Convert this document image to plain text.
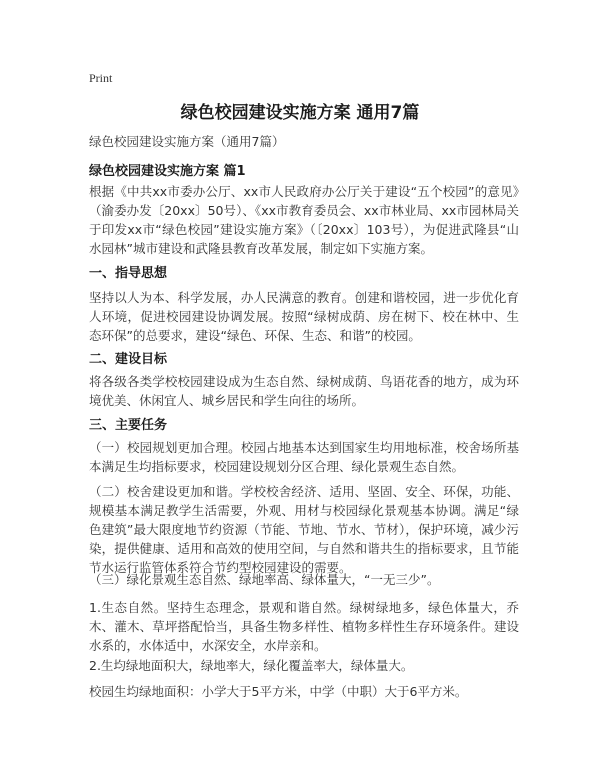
Print
绿色校园建设实施方案 通用7篇
绿色校园建设实施方案（通用7篇）
绿色校园建设实施方案 篇1
根据《中共xx市委办公厅、xx市人民政府办公厅关于建设“五个校园”的意见》（渝委办发〔20xx〕50号）、《xx市教育委员会、xx市林业局、xx市园林局关于印发xx市“绿色校园”建设实施方案》（〔20xx〕103号），为促进武隆县“山水园林”城市建设和武隆县教育改革发展，制定如下实施方案。
一、指导思想
坚持以人为本、科学发展，办人民满意的教育。创建和谐校园，进一步优化育人环境，促进校园建设协调发展。按照“绿树成荫、房在树下、校在林中、生态环保”的总要求，建设“绿色、环保、生态、和谐”的校园。
二、建设目标
将各级各类学校校园建设成为生态自然、绿树成荫、鸟语花香的地方，成为环境优美、休闲宜人、城乡居民和学生向往的场所。
三、主要任务
（一）校园规划更加合理。校园占地基本达到国家生均用地标准，校舍场所基本满足生均指标要求，校园建设规划分区合理、绿化景观生态自然。
（二）校舍建设更加和谐。学校校舍经济、适用、坚固、安全、环保，功能、规模基本满足教学生活需要，外观、用材与校园绿化景观基本协调。满足“绿色建筑”最大限度地节约资源（节能、节地、节水、节材），保护环境，减少污染，提供健康、适用和高效的使用空间，与自然和谐共生的指标要求，且节能节水运行监管体系符合节约型校园建设的需要。
（三）绿化景观生态自然、绿地率高、绿体量大，“一无三少”。
1.生态自然。坚持生态理念，景观和谐自然。绿树绿地多，绿色体量大，乔木、灌木、草坪搭配恰当，具备生物多样性、植物多样性生存环境条件。建设水系的，水体适中，水深安全，水岸亲和。
2.生均绿地面积大，绿地率大，绿化覆盖率大，绿体量大。
校园生均绿地面积：小学大于5平方米，中学（中职）大于6平方米。
